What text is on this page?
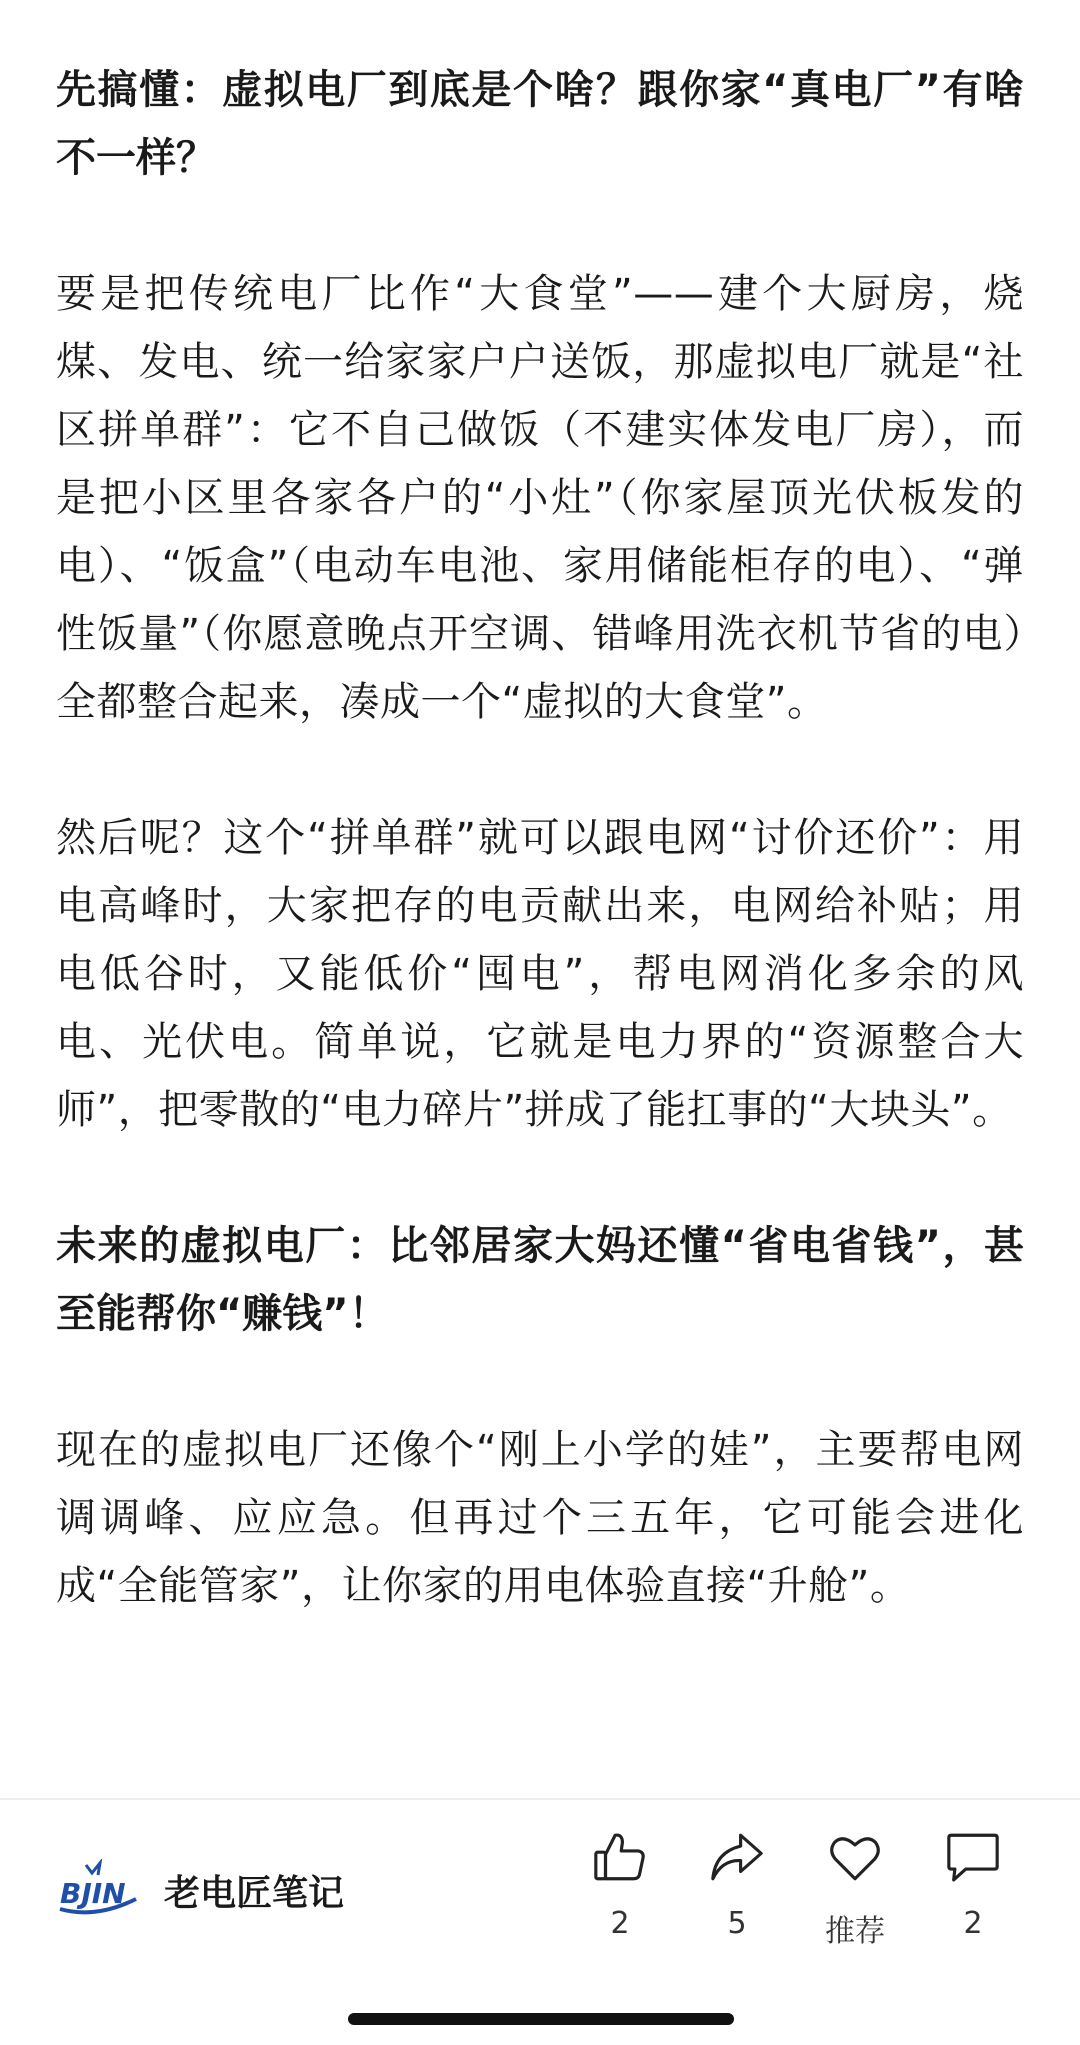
先搞懂：虚拟电厂到底是个啥？跟你家“真电厂”有啥不一样？

要是把传统电厂比作“大食堂”——建个大厨房，烧煤、发电、统一给家家户户送饭，那虚拟电厂就是“社区拼单群”：它不自己做饭（不建实体发电厂房），而是把小区里各家各户的“小灶”（你家屋顶光伏板发的电）、“饭盒”（电动车电池、家用储能柜存的电）、“弹性饭量”（你愿意晚点开空调、错峰用洗衣机节省的电）全都整合起来，凑成一个“虚拟的大食堂”。

然后呢？这个“拼单群”就可以跟电网“讨价还价”：用电高峰时，大家把存的电贡献出来，电网给补贴；用电低谷时，又能低价“囤电”，帮电网消化多余的风电、光伏电。简单说，它就是电力界的“资源整合大师”，把零散的“电力碎片”拼成了能扛事的“大块头”。

未来的虚拟电厂：比邻居家大妈还懂“省电省钱”，甚至能帮你“赚钱”！

现在的虚拟电厂还像个“刚上小学的娃”，主要帮电网调调峰、应应急。但再过个三五年，它可能会进化成“全能管家”，让你家的用电体验直接“升舱”。

BJIN 老电匠笔记
2	5	推荐	2
